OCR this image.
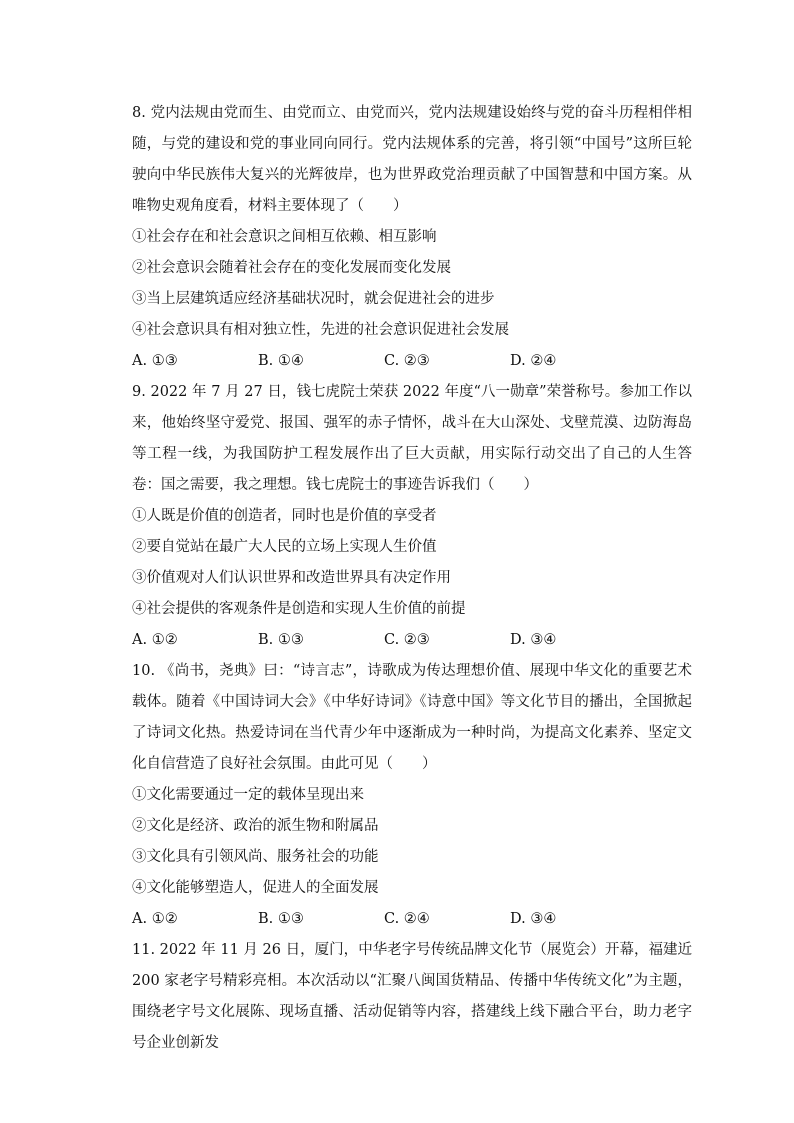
8. 党内法规由党而生、由党而立、由党而兴，党内法规建设始终与党的奋斗历程相伴相随，与党的建设和党的事业同向同行。党内法规体系的完善，将引领“中国号”这所巨轮驶向中华民族伟大复兴的光辉彼岸，也为世界政党治理贡献了中国智慧和中国方案。从唯物史观角度看，材料主要体现了（　　）

①社会存在和社会意识之间相互依赖、相互影响

②社会意识会随着社会存在的变化发展而变化发展

③当上层建筑适应经济基础状况时，就会促进社会的进步

④社会意识具有相对独立性，先进的社会意识促进社会发展

A. ①③	B. ①④	C. ②③	D. ②④

9. 2022 年 7 月 27 日，钱七虎院士荣获 2022 年度“八一勋章”荣誉称号。参加工作以来，他始终坚守爱党、报国、强军的赤子情怀，战斗在大山深处、戈壁荒漠、边防海岛等工程一线，为我国防护工程发展作出了巨大贡献，用实际行动交出了自己的人生答卷：国之需要，我之理想。钱七虎院士的事迹告诉我们（　　）

①人既是价值的创造者，同时也是价值的享受者

②要自觉站在最广大人民的立场上实现人生价值

③价值观对人们认识世界和改造世界具有决定作用

④社会提供的客观条件是创造和实现人生价值的前提

A. ①②	B. ①③	C. ②③	D. ③④

10. 《尚书，尧典》曰：“诗言志”，诗歌成为传达理想价值、展现中华文化的重要艺术载体。随着《中国诗词大会》《中华好诗词》《诗意中国》等文化节目的播出，全国掀起了诗词文化热。热爱诗词在当代青少年中逐渐成为一种时尚，为提高文化素养、坚定文化自信营造了良好社会氛围。由此可见（　　）

①文化需要通过一定的载体呈现出来

②文化是经济、政治的派生物和附属品

③文化具有引领风尚、服务社会的功能

④文化能够塑造人，促进人的全面发展

A. ①②	B. ①③	C. ②④	D. ③④

11. 2022 年 11 月 26 日，厦门，中华老字号传统品牌文化节（展览会）开幕，福建近 200 家老字号精彩亮相。本次活动以“汇聚八闽国货精品、传播中华传统文化”为主题，围绕老字号文化展陈、现场直播、活动促销等内容，搭建线上线下融合平台，助力老字号企业创新发
